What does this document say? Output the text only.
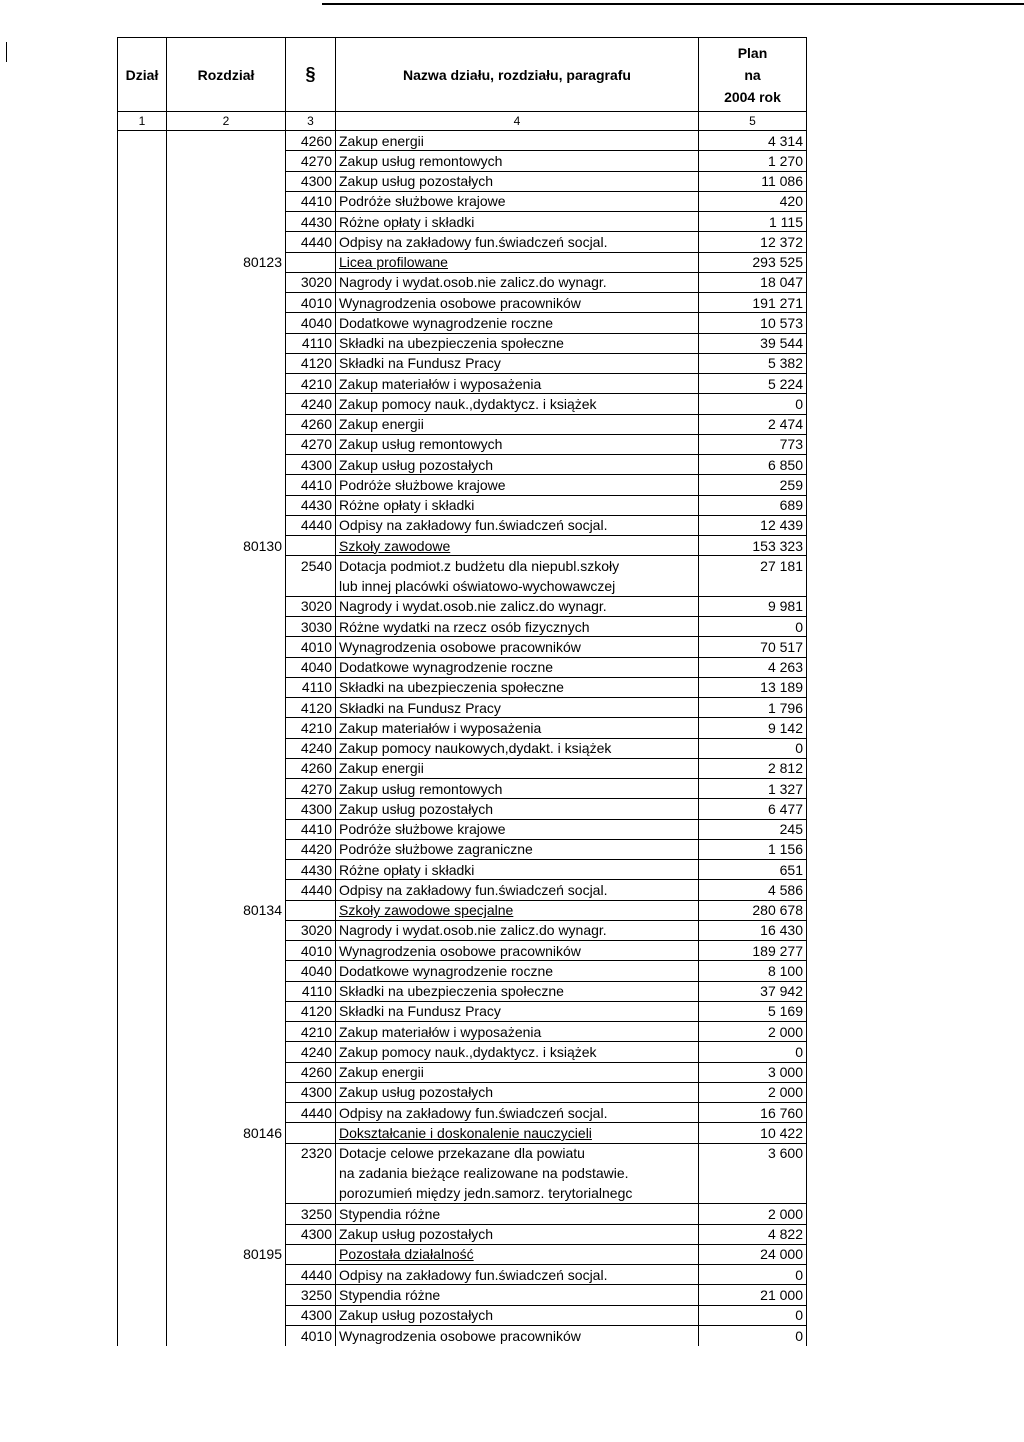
Dział	Rozdział	§	Nazwa działu, rozdziału, paragrafu	Plan
na
2004 rok

1	2	3	4	5
		4260	Zakup energii	4 314
		4270	Zakup usług remontowych	1 270
		4300	Zakup usług pozostałych	11 086
		4410	Podróże służbowe krajowe	420
		4430	Różne opłaty i składki	1 115
		4440	Odpisy na zakładowy fun.świadczeń socjal.	12 372
	80123		Licea profilowane	293 525
		3020	Nagrody i wydat.osob.nie zalicz.do wynagr.	18 047
		4010	Wynagrodzenia osobowe pracowników	191 271
		4040	Dodatkowe wynagrodzenie roczne	10 573
		4110	Składki na ubezpieczenia społeczne	39 544
		4120	Składki na Fundusz Pracy	5 382
		4210	Zakup materiałów i wyposażenia	5 224
		4240	Zakup pomocy nauk.,dydaktycz. i książek	0
		4260	Zakup energii	2 474
		4270	Zakup usług remontowych	773
		4300	Zakup usług pozostałych	6 850
		4410	Podróże służbowe krajowe	259
		4430	Różne opłaty i składki	689
		4440	Odpisy na zakładowy fun.świadczeń socjal.	12 439
	80130		Szkoły zawodowe	153 323
		2540	Dotacja podmiot.z budżetu dla niepubl.szkoły	27 181
			lub innej placówki oświatowo-wychowawczej	
		3020	Nagrody i wydat.osob.nie zalicz.do wynagr.	9 981
		3030	Różne wydatki na rzecz osób fizycznych	0
		4010	Wynagrodzenia osobowe pracowników	70 517
		4040	Dodatkowe wynagrodzenie roczne	4 263
		4110	Składki na ubezpieczenia społeczne	13 189
		4120	Składki na Fundusz Pracy	1 796
		4210	Zakup materiałów i wyposażenia	9 142
		4240	Zakup pomocy naukowych,dydakt. i książek	0
		4260	Zakup energii	2 812
		4270	Zakup usług remontowych	1 327
		4300	Zakup usług pozostałych	6 477
		4410	Podróże służbowe krajowe	245
		4420	Podróże służbowe zagraniczne	1 156
		4430	Różne opłaty i składki	651
		4440	Odpisy na zakładowy fun.świadczeń socjal.	4 586
	80134		Szkoły zawodowe specjalne	280 678
		3020	Nagrody i wydat.osob.nie zalicz.do wynagr.	16 430
		4010	Wynagrodzenia osobowe pracowników	189 277
		4040	Dodatkowe wynagrodzenie roczne	8 100
		4110	Składki na ubezpieczenia społeczne	37 942
		4120	Składki na Fundusz Pracy	5 169
		4210	Zakup materiałów i wyposażenia	2 000
		4240	Zakup pomocy nauk.,dydaktycz. i książek	0
		4260	Zakup energii	3 000
		4300	Zakup usług pozostałych	2 000
		4440	Odpisy na zakładowy fun.świadczeń socjal.	16 760
	80146		Dokształcanie i doskonalenie nauczycieli	10 422
		2320	Dotacje celowe przekazane dla powiatu	3 600
			na zadania bieżące realizowane na podstawie.	
			porozumień między jedn.samorz. terytorialnegc	
		3250	Stypendia różne	2 000
		4300	Zakup usług pozostałych	4 822
	80195		Pozostała działalność	24 000
		4440	Odpisy na zakładowy fun.świadczeń socjal.	0
		3250	Stypendia różne	21 000
		4300	Zakup usług pozostałych	0
		4010	Wynagrodzenia osobowe pracowników	0
